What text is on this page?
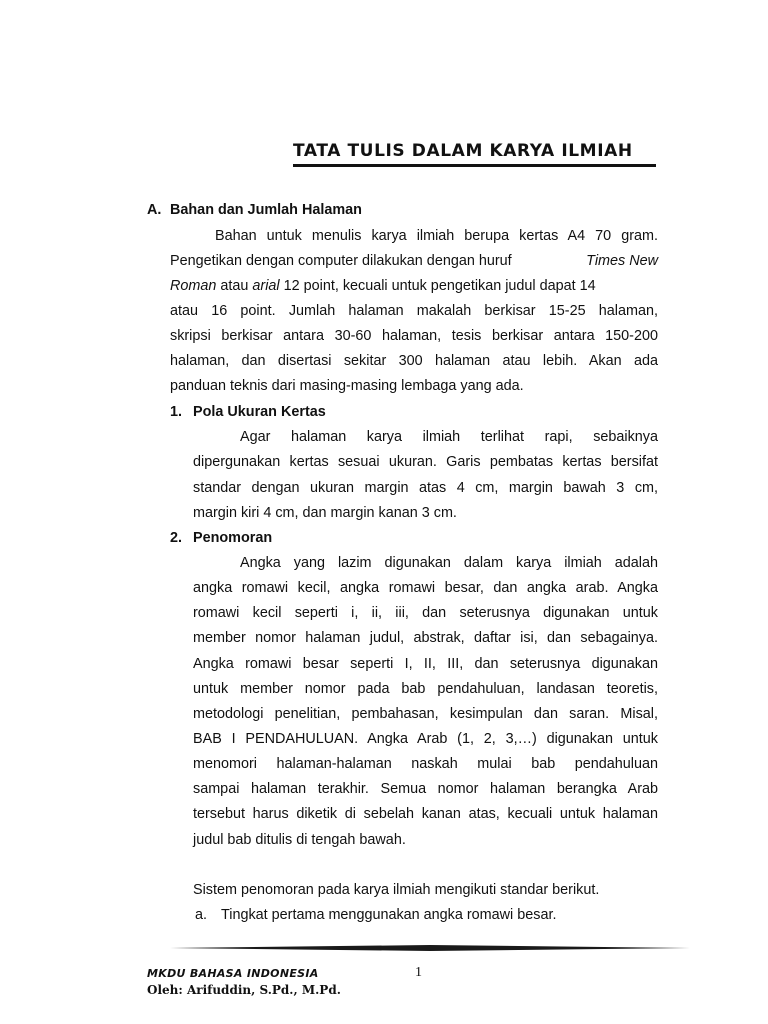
TATA TULIS DALAM KARYA ILMIAH
A. Bahan dan Jumlah Halaman
Bahan untuk menulis karya ilmiah berupa kertas A4 70 gram.
Pengetikan dengan computer dilakukan dengan huruf	Times New
Roman atau arial 12 point, kecuali untuk pengetikan judul dapat 14
atau 16 point. Jumlah halaman makalah berkisar 15-25 halaman,
skripsi berkisar antara 30-60 halaman, tesis berkisar antara 150-200
halaman, dan disertasi sekitar 300 halaman atau lebih. Akan ada
panduan teknis dari masing-masing lembaga yang ada.
1. Pola Ukuran Kertas
Agar halaman karya ilmiah terlihat rapi, sebaiknya
dipergunakan kertas sesuai ukuran. Garis pembatas kertas bersifat
standar dengan ukuran margin atas 4 cm, margin bawah 3 cm,
margin kiri 4 cm, dan margin kanan 3 cm.
2. Penomoran
Angka yang lazim digunakan dalam karya ilmiah adalah
angka romawi kecil, angka romawi besar, dan angka arab. Angka
romawi kecil seperti i, ii, iii, dan seterusnya digunakan untuk
member nomor halaman judul, abstrak, daftar isi, dan sebagainya.
Angka romawi besar seperti I, II, III, dan seterusnya digunakan
untuk member nomor pada bab pendahuluan, landasan teoretis,
metodologi penelitian, pembahasan, kesimpulan dan saran. Misal,
BAB I PENDAHULUAN. Angka Arab (1, 2, 3,…) digunakan untuk
menomori halaman-halaman naskah mulai bab pendahuluan
sampai halaman terakhir. Semua nomor halaman berangka Arab
tersebut harus diketik di sebelah kanan atas, kecuali untuk halaman
judul bab ditulis di tengah bawah.
Sistem penomoran pada karya ilmiah mengikuti standar berikut.
a. Tingkat pertama menggunakan angka romawi besar.
MKDU BAHASA INDONESIA	1
Oleh: Arifuddin, S.Pd., M.Pd.
